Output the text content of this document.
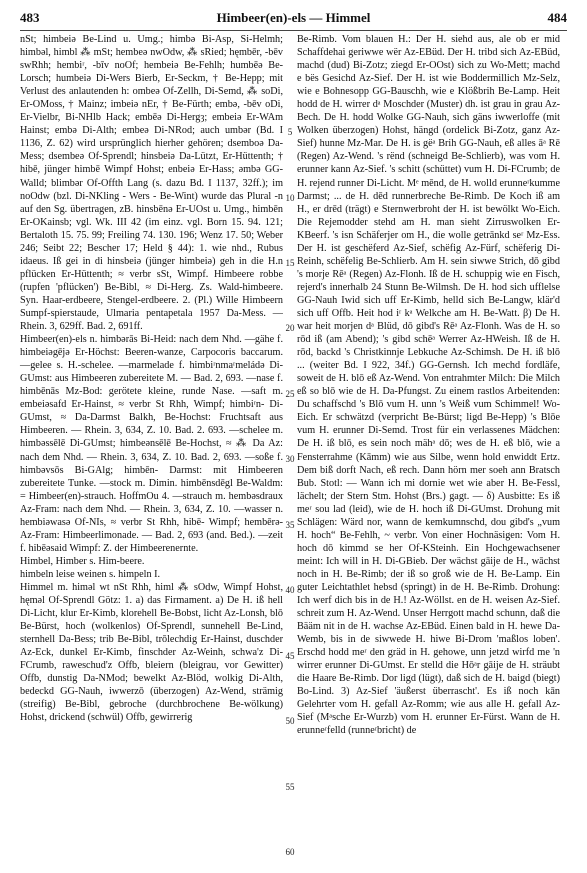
483	Himbeer(en)-els — Himmel	484

nSt; himbeiə Be-Lind u. Umg.; himbə Bi-Asp, Si-Helmh; himbəl, himbl ⁂ mSt; hembeə nwOdw, ⁂ sRied; hęmbēr, -bēv swRhh; hembiʳ, -bīv noOf; hembeiə Be-Fehlh; humbēə Be-Lorsch; humbeiə Di-Wers Bierb, Er-Seckm, † Be-Hepp; mit Verlust des anlautenden h: ombeə Of-Zellh, Di-Semd, ⁂ soDi, Er-OMoss, † Mainz; imbeiə nEr, † Be-Fürth; embə, -bēv oDi, Er-Vielbr, Bi-NHlb Hack; embēə Di-Hergȝ; embeiə Er-WAm Hainst; embə Di-Alth; embeə Di-NRod; auch umbər (Bd. I 1136, Z. 62) wird ursprünglich hierher gehören; dsemboə Da-Mess; dsembeə Of-Sprendl; hinsbeiə Da-Lützt, Er-Hüttenth; † hibē, jünger himbē Wimpf Hohst; enbeiə Er-Hass; əmbə GG-Walld; blimbər Of-Offth Lang (s. dazu Bd. I 1137, 32ff.); im noOdw (bzl. Di-NKling - Wers - Be-Wint) wurde das Plural -n auf den Sg. übertragen, zB. hinsbēnə Er-UOst u. Umg., himbēn Er-OKainsb; vgl. Wk. III 42 (im einz. vgl. Born 15. 94. 121; Bertaloth 15. 75. 99; Freiling 74. 130. 196; Wenz 17. 50; Weber 246; Seibt 22; Bescher 17; Held § 44): 1. wie nhd., Rubus idaeus. Iß gei in di hinsbeiə (jünger himbeiə) geh in die H.n pflücken Er-Hüttenth; ≈ verbr sSt, Wimpf. Himbeere robbe (rupfen 'pflücken') Be-Bibl, ≈ Di-Herg. Zs. Wald-himbeere. Syn. Haar-erdbeere, Stengel-erdbeere. 2. (Pl.) Wille Himbeern Sumpf-spierstaude, Ulmaria pentapetala 1957 Da-Mess. — Rhein. 3, 629ff. Bad. 2, 691ff.

Himbeer(en)-els n. himbərās Bi-Heid: nach dem Nhd. —gähe f. himbeiəgējə Er-Höchst: Beeren-wanze, Carpocoris baccarum. —gelee s. H.-schelee. —marmelade f. himbiʳnmaʳmeládə Di-GUmst: aus Himbeeren zubereitete M. — Bad. 2, 693. —nase f. himbēnās Mz-Bod: gerötete kleine, runde Nase. —saft m. embeiəsafd Er-Hainst, ≈ verbr St Rhh, Wimpf; himbiʳn- Di-GUmst, ≈ Da-Darmst Balkh, Be-Hochst: Fruchtsaft aus Himbeeren. — Rhein. 3, 634, Z. 10. Bad. 2. 693. —schelee m. himbəssēlē Di-GUmst; himbeənsēlē Be-Hochst, ≈ ⁂ Da Az: nach dem Nhd. — Rhein. 3, 634, Z. 10. Bad. 2, 693. —soße f. himbəvsōs Bi-GAlg; himbēn- Darmst: mit Himbeeren zubereitete Tunke. —stock m. Dimin. himbēnsdēgl Be-Waldm: = Himbeer(en)-strauch. HoffmOu 4. —strauch m. hembəsdraux Az-Fram: nach dem Nhd. — Rhein. 3, 634, Z. 10. —wasser n. hembiəwasə Of-NIs, ≈ verbr St Rhh, hibē- Wimpf; hembērə- Az-Fram: Himbeerlimonade. — Bad. 2, 693 (and. Bed.). —zeit f. hibēəsaid Wimpf: Z. der Himbeerenernte.

Himbel, Himber s. Him-beere.

himbeln leise weinen s. himpeln I.

Himmel m. himəl wt nSt Rhh, himl ⁂ sOdw, Wimpf Hohst, hęməl Of-Sprendl Götz: 1. a) das Firmament. a) De H. iß hell Di-Licht, klur Er-Kimb, klorehell Be-Bobst, licht Az-Lonsh, blō Be-Bürst, hoch (wolkenlos) Of-Sprendl, sunnehell Be-Lind, sternhell Da-Bess; trib Be-Bibl, trōlechdig Er-Hainst, duschder Az-Eck, dunkel Er-Kimb, finschder Az-Weinh, schwa'z Di-FCrumb, raweschud'z Offb, bleiern (bleigrau, vor Gewitter) Offb, dunstig Da-NMod; bewelkt Az-Blöd, wolkig Di-Alth, bedeckd GG-Nauh, iwwerzō (überzogen) Az-Wend, strämig (streifig) Be-Bibl, gebroche (durchbrochene Be-wölkung) Hohst, drickend (schwül) Offb, gewirrerig

Be-Rimb. Vom blauen H.: Der H. siehd aus, ale ob er mid Schaffdehai geriwwe wër Az-EBüd. Der H. tribd sich Az-EBüd, machd (dud) Bi-Zotz; ziegd Er-OOst) sich zu Wo-Mett; machd e bës Gesichd Az-Sief. Der H. ist wie Boddermillich Mz-Selz, wie e Bohnesopp GG-Bauschh, wie e Klößbrih Be-Lamp. Heit hodd de H. wirrer dᵃ Moschder (Muster) dh. ist grau in grau Az-Bech. De H. hodd Wolke GG-Nauh, sich gäns iwwerloffe (mit Wolken überzogen) Hohst, hängd (ordelick Bi-Zotz, ganz Az-Sief) hunne Mz-Mar. De H. is gëᵃ Brih GG-Nauh, eß alles āᵃ Rē (Regen) Az-Wend. 's rënd (schneigd Be-Schlierb), was vom H. erunner kann Az-Sief. 's schitt (schüttet) vum H. Di-FCrumb; de H. rejend runner Di-Licht. Mᵉ mēnd, de H. wolld erunneʳkumme Darmst; ... de H. dēd runnerbreche Be-Rimb. De Koch iß am H., er drēd (trägt) e Sternwerbroht der H. ist bewölkt Wo-Eich. Die Rejemodder stehd am H. man sieht Zirruswolken Er-KBeerf. 's isn Schäferjer om H., die wolle getrānkd seʳ Mz-Ess. Der H. ist geschëferd Az-Sief, schëfig Az-Fürf, schëferig Di-Reinh, schëfelig Be-Schlierb. Am H. sein siwwe Strich, dō gibd 's morje Rēᵃ (Regen) Az-Flonh. Iß de H. schuppig wie en Fisch, rejerd's innerhalb 24 Stunn Be-Wilmsh. De H. hod sich ufflelse GG-Nauh Iwid sich uff Er-Kimb, helld sich Be-Langw, klär'd sich uff Offb. Heit hod iʳ kᵃ Welkche am H. Be-Watt. β) De H. war heit morjen dᵃ Blüd, dō gibd's Rēᵃ Az-Flonh. Was de H. so rōd iß (am Abend); 's gibd schēᵃ Werrer Az-HWeish. Iß de H. rōd, backd 's Christkinnje Lebkuche Az-Schimsh. De H. iß blō ... (weiter Bd. I 922, 34f.) GG-Gernsh. Ich mechd fordläfe, soweit de H. blō eß Az-Wend. Von entrahmter Milch: Die Milch eß so blō wie de H. Da-Pfungst. Zu einem rastlos Arbeitenden: Du schaffschd 's Blō vum H. unn 's Weiß vum Schimmel! Wo-Eich. Er schwätzd (verpricht Be-Bürst; ligd Be-Hepp) 's Blōe vum H. erunner Di-Semd. Trost für ein verlassenes Mädchen: De H. iß blō, es sein noch mähᵃ dō; wes de H. eß blō, wie a Fensterrahme (Kāmm) wie aus Silbe, wenn hold enwiddt Ertz. Dem biß dorft Nach, eß rech. Dann hörn mer soeh ann Bratsch Bub. Stotl: — Wann ich mi dornie wet wie aber H. Be-Fessl, lächelt; der Stern Stm. Hohst (Brs.) gagt. — δ) Ausbitte: Es iß meʳ sou lad (leid), wie de H. hoch iß Di-GUmst. Drohung mit Schlägen: Wärd nor, wann de kemkumnschd, dou gibd's „vum H. hoch“ Be-Fehlh, ~ verbr. Von einer Hochnäsigen: Vom H. hoch dō kimmd se her Of-KSteinh. Ein Hochgewachsener meint: Ich will in H. Di-GBieb. Der wächst gāije de H., wāchst noch in H. Be-Rimb; der iß so groß wie de H. Be-Lamp. Ein guter Leichtathlet hebsd (springt) in de H. Be-Rimb. Drohung: Ich werf dich bis in de H.! Az-Wöllst. en de H. weisen Az-Sief. schreit zum H. Az-Wend. Unser Herrgott machd schunn, daß die Bääm nit in de H. wachse Az-EBüd. Einen bald in H. hewe Da-Wemb, bis in de siwwede H. hiwe Bi-Drom 'maßlos loben'. Erschd hodd meʳ den gräd in H. gehowe, unn jetzd wirfd me 'n wirrer erunner Di-GUmst. Er stelld die Hōᵃr gāije de H. sträubt die Haare Be-Rimb. Dor ligd (lügt), daß sich de H. baigd (biegt) Bo-Lind. 3) Az-Sief 'äußerst überrascht'. Es iß noch kān Gelehrter vom H. gefall Az-Romm; wie aus alle H. gefall Az-Sief (Mᵃsche Er-Wurzb) vom H. erunner Er-Fürst. Wann de H. erunneʳfelld (runneʳbricht) de

5
10
15
20
25
30
35
40
45
50
55
60
